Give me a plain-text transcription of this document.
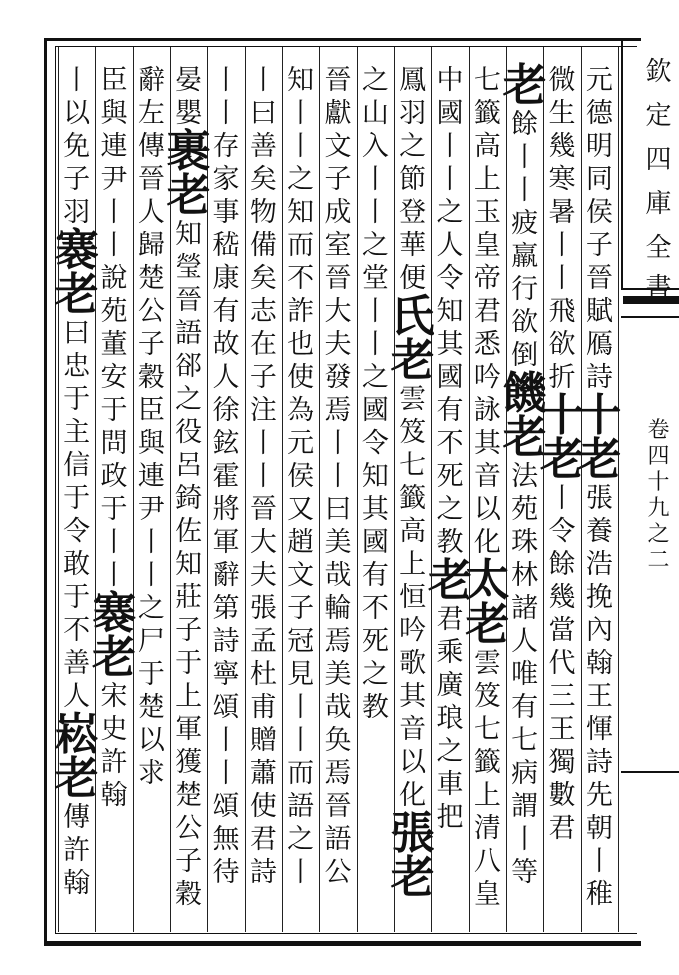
欽
定
四
庫
全
書
卷
四
十
九
之
二
元
德
明
同
侯
子
晉
賦
鴈
詩
十
老
張
養
浩
挽
內
翰
王
惲
詩
先
朝
丨
稚
微
生
幾
寒
暑
丨
丨
飛
欲
折
十
老
丨
令
餘
幾
當
代
三
王
獨
數
君
老
餘
丨
丨
疲
羸
行
欲
倒
饑
老
法
苑
珠
林
諸
人
唯
有
七
病
謂
丨
等
七
籤
高
上
玉
皇
帝
君
悉
吟
詠
其
音
以
化
太
老
雲
笈
七
籤
上
清
八
皇
中
國
丨
丨
之
人
令
知
其
國
有
不
死
之
教
老
君
乘
廣
琅
之
車
把
鳳
羽
之
節
登
華
便
氏
老
雲
笈
七
籤
高
上
恒
吟
歌
其
音
以
化
張
老
之
山
入
丨
丨
之
堂
丨
丨
之
國
令
知
其
國
有
不
死
之
教
晉
獻
文
子
成
室
晉
大
夫
發
焉
丨
丨
曰
美
哉
輪
焉
美
哉
奂
焉
晉
語
公
知
丨
丨
之
知
而
不
詐
也
使
為
元
侯
又
趙
文
子
冠
見
丨
丨
而
語
之
丨
丨
曰
善
矣
物
備
矣
志
在
子
注
丨
丨
晉
大
夫
張
孟
杜
甫
贈
蕭
使
君
詩
丨
丨
存
家
事
嵇
康
有
故
人
徐
鉉
霍
將
軍
辭
第
詩
寧
頌
丨
丨
頌
無
待
晏
嬰
裹
老
知
瑩
晉
語
郤
之
役
呂
錡
佐
知
莊
子
于
上
軍
獲
楚
公
子
穀
辭
左
傳
晉
人
歸
楚
公
子
穀
臣
與
連
尹
丨
丨
之
尸
于
楚
以
求
臣
與
連
尹
丨
丨
說
苑
董
安
于
問
政
于
丨
丨
褰
老
宋
史
許
翰
丨
以
免
子
羽
褰
老
曰
忠
于
主
信
于
令
敢
于
不
善
人
崧
老
傳
許
翰
